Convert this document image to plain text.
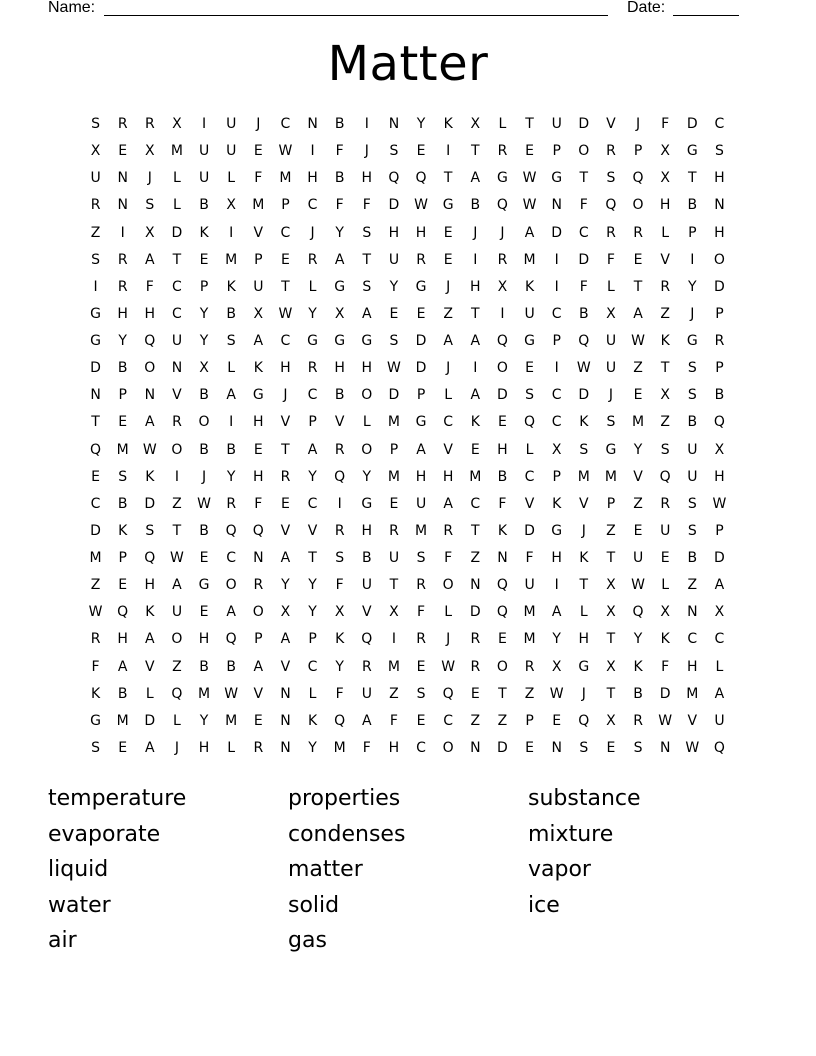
Name:	Date:
Matter
S	R	R	X	I	U	J	C	N	B	I	N	Y	K	X	L	T	U	D	V	J	F	D	C
X	E	X	M	U	U	E	W	I	F	J	S	E	I	T	R	E	P	O	R	P	X	G	S
U	N	J	L	U	L	F	M	H	B	H	Q	Q	T	A	G	W	G	T	S	Q	X	T	H
R	N	S	L	B	X	M	P	C	F	F	D	W	G	B	Q	W	N	F	Q	O	H	B	N
Z	I	X	D	K	I	V	C	J	Y	S	H	H	E	J	J	A	D	C	R	R	L	P	H
S	R	A	T	E	M	P	E	R	A	T	U	R	E	I	R	M	I	D	F	E	V	I	O
I	R	F	C	P	K	U	T	L	G	S	Y	G	J	H	X	K	I	F	L	T	R	Y	D
G	H	H	C	Y	B	X	W	Y	X	A	E	E	Z	T	I	U	C	B	X	A	Z	J	P
G	Y	Q	U	Y	S	A	C	G	G	G	S	D	A	A	Q	G	P	Q	U	W	K	G	R
D	B	O	N	X	L	K	H	R	H	H	W	D	J	I	O	E	I	W	U	Z	T	S	P
N	P	N	V	B	A	G	J	C	B	O	D	P	L	A	D	S	C	D	J	E	X	S	B
T	E	A	R	O	I	H	V	P	V	L	M	G	C	K	E	Q	C	K	S	M	Z	B	Q
Q	M	W	O	B	B	E	T	A	R	O	P	A	V	E	H	L	X	S	G	Y	S	U	X
E	S	K	I	J	Y	H	R	Y	Q	Y	M	H	H	M	B	C	P	M	M	V	Q	U	H
C	B	D	Z	W	R	F	E	C	I	G	E	U	A	C	F	V	K	V	P	Z	R	S	W
D	K	S	T	B	Q	Q	V	V	R	H	R	M	R	T	K	D	G	J	Z	E	U	S	P
M	P	Q	W	E	C	N	A	T	S	B	U	S	F	Z	N	F	H	K	T	U	E	B	D
Z	E	H	A	G	O	R	Y	Y	F	U	T	R	O	N	Q	U	I	T	X	W	L	Z	A
W	Q	K	U	E	A	O	X	Y	X	V	X	F	L	D	Q	M	A	L	X	Q	X	N	X
R	H	A	O	H	Q	P	A	P	K	Q	I	R	J	R	E	M	Y	H	T	Y	K	C	C
F	A	V	Z	B	B	A	V	C	Y	R	M	E	W	R	O	R	X	G	X	K	F	H	L
K	B	L	Q	M	W	V	N	L	F	U	Z	S	Q	E	T	Z	W	J	T	B	D	M	A
G	M	D	L	Y	M	E	N	K	Q	A	F	E	C	Z	Z	P	E	Q	X	R	W	V	U
S	E	A	J	H	L	R	N	Y	M	F	H	C	O	N	D	E	N	S	E	S	N	W	Q
temperature
evaporate
liquid
water
air
properties
condenses
matter
solid
gas
substance
mixture
vapor
ice
